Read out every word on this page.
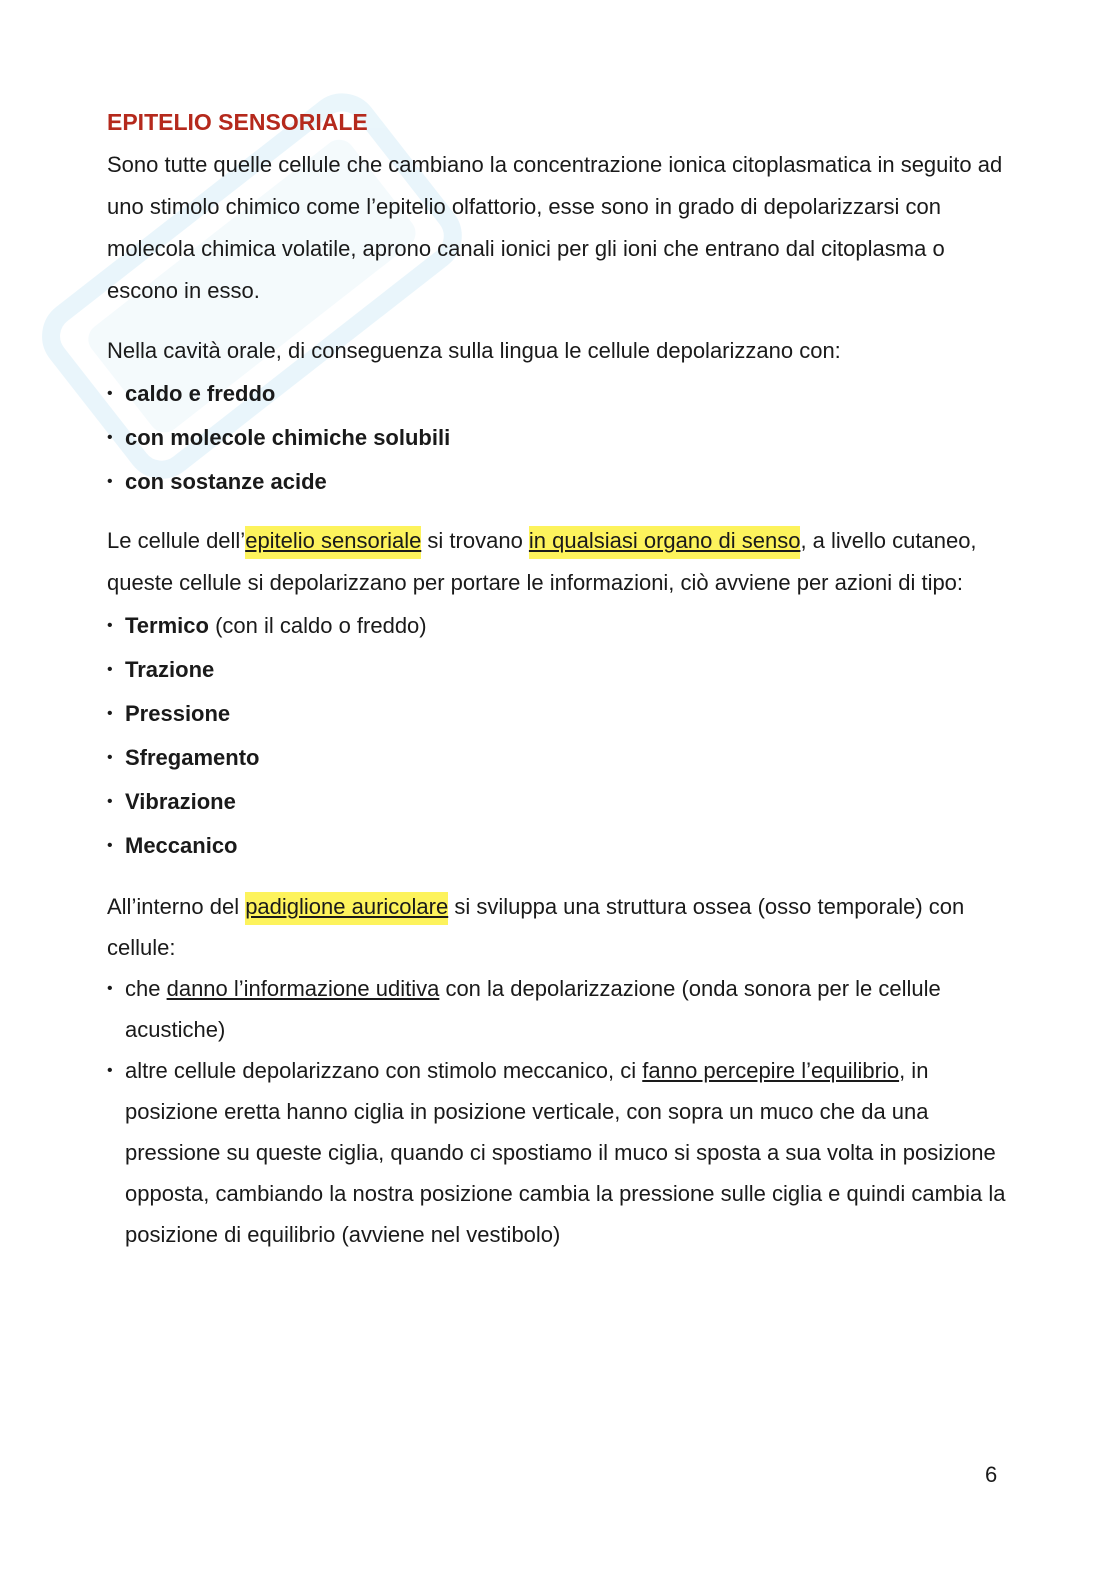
EPITELIO SENSORIALE

Sono tutte quelle cellule che cambiano la concentrazione ionica citoplasmatica in seguito ad uno stimolo chimico come l’epitelio olfattorio, esse sono in grado di depolarizzarsi con molecola chimica volatile, aprono canali ionici per gli ioni che entrano dal citoplasma o escono in esso.

Nella cavità orale, di conseguenza sulla lingua le cellule depolarizzano con:

• caldo e freddo
• con molecole chimiche solubili
• con sostanze acide

Le cellule dell’epitelio sensoriale si trovano in qualsiasi organo di senso, a livello cutaneo, queste cellule si depolarizzano per portare le informazioni, ciò avviene per azioni di tipo:

• Termico (con il caldo o freddo)
• Trazione
• Pressione
• Sfregamento
• Vibrazione
• Meccanico

All’interno del padiglione auricolare si sviluppa una struttura ossea (osso temporale) con cellule:

• che danno l’informazione uditiva con la depolarizzazione (onda sonora per le cellule acustiche)
• altre cellule depolarizzano con stimolo meccanico, ci fanno percepire l’equilibrio, in posizione eretta hanno ciglia in posizione verticale, con sopra un muco che da una pressione su queste ciglia, quando ci spostiamo il muco si sposta a sua volta in posizione opposta, cambiando la nostra posizione cambia la pressione sulle ciglia e quindi cambia la posizione di equilibrio (avviene nel vestibolo)
6
